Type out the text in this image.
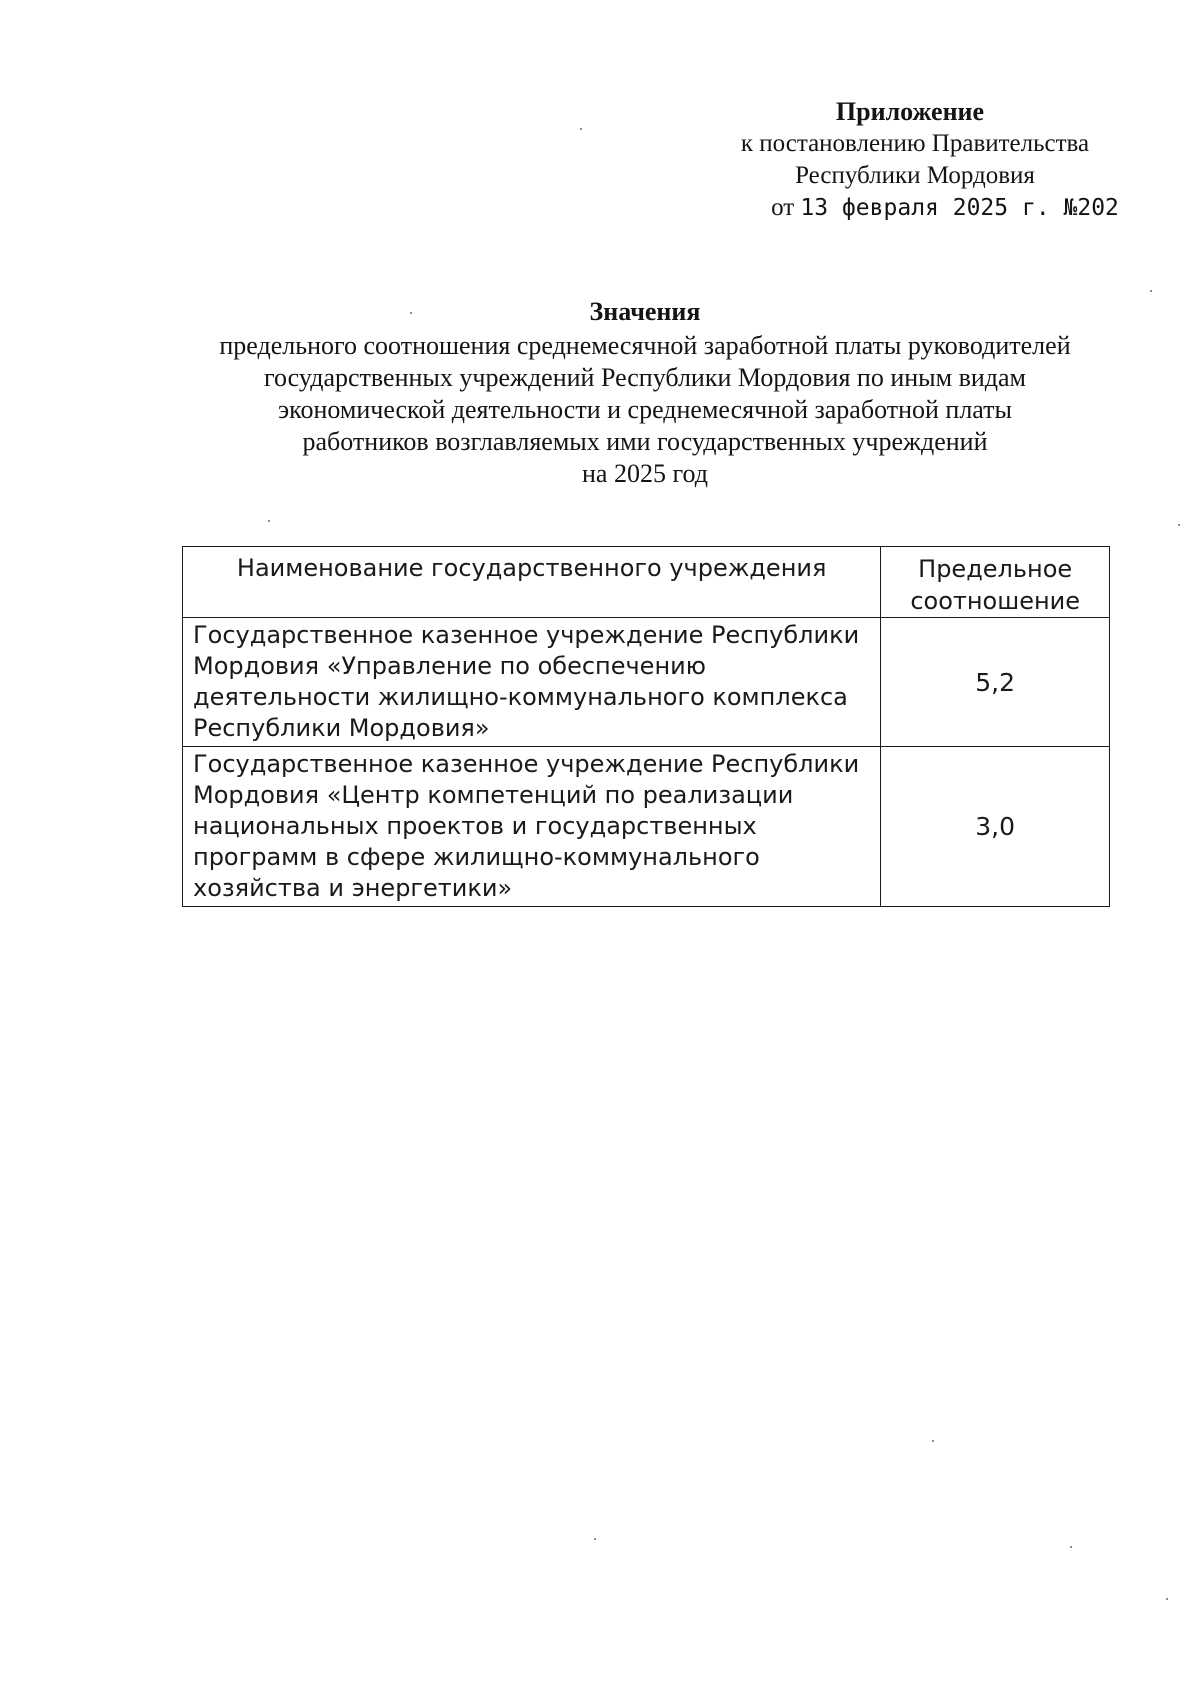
Приложение
к постановлению Правительства
Республики Мордовия
от 13 февраля 2025 г. №202
Значения
предельного соотношения среднемесячной заработной платы руководителей
государственных учреждений Республики Мордовия по иным видам
экономической деятельности и среднемесячной заработной платы
работников возглавляемых ими государственных учреждений
на 2025 год
Наименование государственного учреждения	Предельное соотношение
Государственное казенное учреждение Республики Мордовия «Управление по обеспечению деятельности жилищно-коммунального комплекса Республики Мордовия»	5,2
Государственное казенное учреждение Республики Мордовия «Центр компетенций по реализации национальных проектов и государственных программ в сфере жилищно-коммунального хозяйства и энергетики»	3,0
